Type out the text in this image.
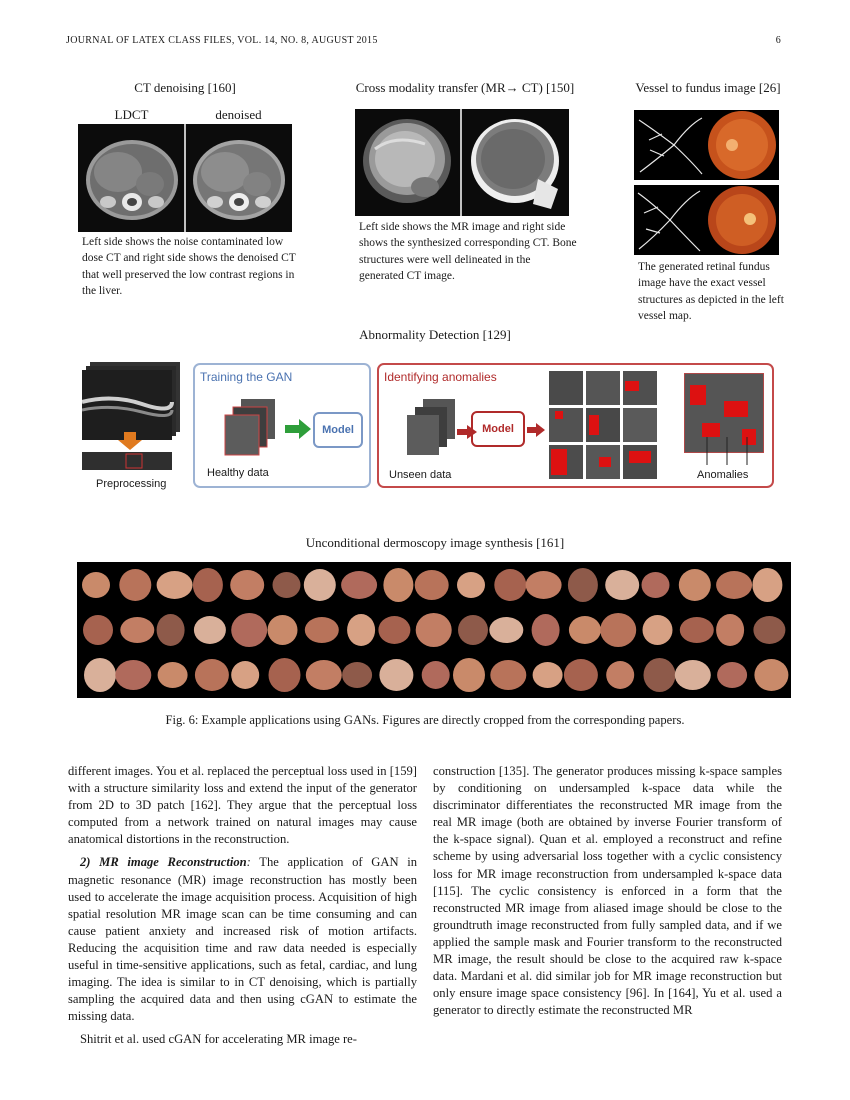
JOURNAL OF LATEX CLASS FILES, VOL. 14, NO. 8, AUGUST 2015	6
CT denoising [160]
LDCT	denoised
Left side shows the noise contaminated low dose CT and right side shows the denoised CT that well preserved the low contrast regions in the liver.
Cross modality transfer (MR→ CT) [150]
Left side shows the MR image and right side shows the synthesized corresponding CT. Bone structures were well delineated in the generated CT image.
Vessel to fundus image [26]
The generated retinal fundus image have the exact vessel structures as depicted in the left vessel map.
Abnormality Detection [129]
Preprocessing
Training the GAN
Model
Healthy data
Identifying anomalies
Model
Unseen data	Anomalies
Unconditional dermoscopy image synthesis [161]
Fig. 6: Example applications using GANs. Figures are directly cropped from the corresponding papers.

different images. You et al. replaced the perceptual loss used in [159] with a structure similarity loss and extend the input of the generator from 2D to 3D patch [162]. They argue that the perceptual loss computed from a network trained on natural images may cause anatomical distortions in the reconstruction.

2) MR image Reconstruction: The application of GAN in magnetic resonance (MR) image reconstruction has mostly been used to accelerate the image acquisition process. Acquisition of high spatial resolution MR image scan can be time consuming and can cause patient anxiety and increased risk of motion artifacts. Reducing the acquisition time and raw data needed is especially useful in time-sensitive applications, such as fetal, cardiac, and lung imaging. The idea is similar to in CT denoising, which is partially sampling the acquired data and then using cGAN to estimate the missing data.

Shitrit et al. used cGAN for accelerating MR image re-

construction [135]. The generator produces missing k-space samples by conditioning on undersampled k-space data while the discriminator differentiates the reconstructed MR image from the real MR image (both are obtained by inverse Fourier transform of the k-space signal). Quan et al. employed a reconstruct and refine scheme by using adversarial loss together with a cyclic consistency loss for MR image reconstruction from undersampled k-space data [115]. The cyclic consistency is enforced in a form that the reconstructed MR image from aliased image should be close to the groundtruth image reconstructed from fully sampled data, and if we applied the sample mask and Fourier transform to the reconstructed MR image, the result should be close to the acquired raw k-space data. Mardani et al. did similar job for MR image reconstruction but only ensure image space consistency [96]. In [164], Yu et al. used a generator to directly estimate the reconstructed MR
